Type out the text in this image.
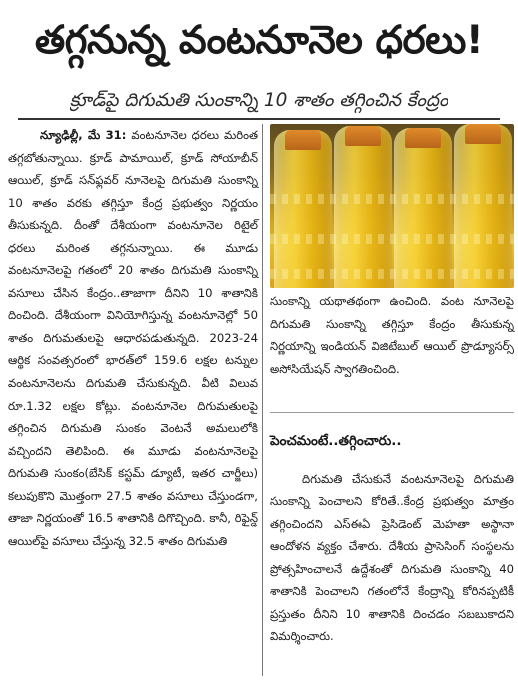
తగ్గనున్న వంటనూనెల ధరలు!
క్రూడ్‌పై దిగుమతి సుంకాన్ని 10 శాతం తగ్గించిన కేంద్రం

న్యూఢిల్లీ, మే 31: వంటనూనెల ధరలు మరింత తగ్గబోతున్నాయి. క్రూడ్ పామాయిల్, క్రూడ్ సోయాబీన్ ఆయిల్, క్రూడ్ సన్‌ఫ్లవర్ నూనెలపై దిగుమతి సుంకాన్ని 10 శాతం వరకు తగ్గిస్తూ కేంద్ర ప్రభుత్వం నిర్ణయం తీసుకున్నది. దీంతో దేశీయంగా వంటనూనెల రిటైల్ ధరలు మరింత తగ్గనున్నాయి. ఈ మూడు వంటనూనెలపై గతంలో 20 శాతం దిగుమతి సుంకాన్ని వసూలు చేసిన కేంద్రం..తాజాగా దీనిని 10 శాతానికి దించింది. దేశీయంగా వినియోగిస్తున్న వంటనూనెల్లో 50 శాతం దిగుమతులపై ఆధారపడుతున్నది. 2023-24 ఆర్థిక సంవత్సరంలో భారత్‌లో 159.6 లక్షల టన్నుల వంటనూనెలను దిగుమతి చేసుకున్నది. వీటి విలువ రూ.1.32 లక్షల కోట్లు. వంటనూనెల దిగుమతులపై తగ్గించిన దిగుమతి సుంకం వెంటనే అమలులోకి వచ్చిందని తెలిపింది. ఈ మూడు వంటనూనెలపై దిగుమతి సుంకం(బేసిక్ కస్టమ్ డ్యూటీ, ఇతర చార్జీలు) కలుపుకొని మొత్తంగా 27.5 శాతం వసూలు చేస్తుండగా, తాజా నిర్ణయంతో 16.5 శాతానికి దిగొచ్చింది. కానీ, రిఫైన్డ్ ఆయిల్‌పై వసూలు చేస్తున్న 32.5 శాతం దిగుమతి

సుంకాన్ని యథాతథంగా ఉంచింది. వంట నూనెలపై దిగుమతి సుంకాన్ని తగ్గిస్తూ కేంద్రం తీసుకున్న నిర్ణయాన్ని ఇండియన్ విజిటేబుల్ ఆయిల్ ప్రొడ్యూసర్స్ అసోసియేషన్ స్వాగతించింది.

పెంచమంటే..తగ్గించారు..

దిగుమతి చేసుకునే వంటనూనెలపై దిగుమతి సుంకాన్ని పెంచాలని కోరితే..కేంద్ర ప్రభుత్వం మాత్రం తగ్గించిందని ఎస్‌ఈఏ ప్రెసిడెంట్ మెహతా అస్థానా ఆందోళన వ్యక్తం చేశారు. దేశీయ ప్రాసెసింగ్ సంస్థలను ప్రోత్సహించాలనే ఉద్దేశంతో దిగుమతి సుంకాన్ని 40 శాతానికి పెంచాలని గతంలోనే కేంద్రాన్ని కోరినప్పటికీ ప్రస్తుతం దీనిని 10 శాతానికి దించడం సబబుకాదని విమర్శించారు.
